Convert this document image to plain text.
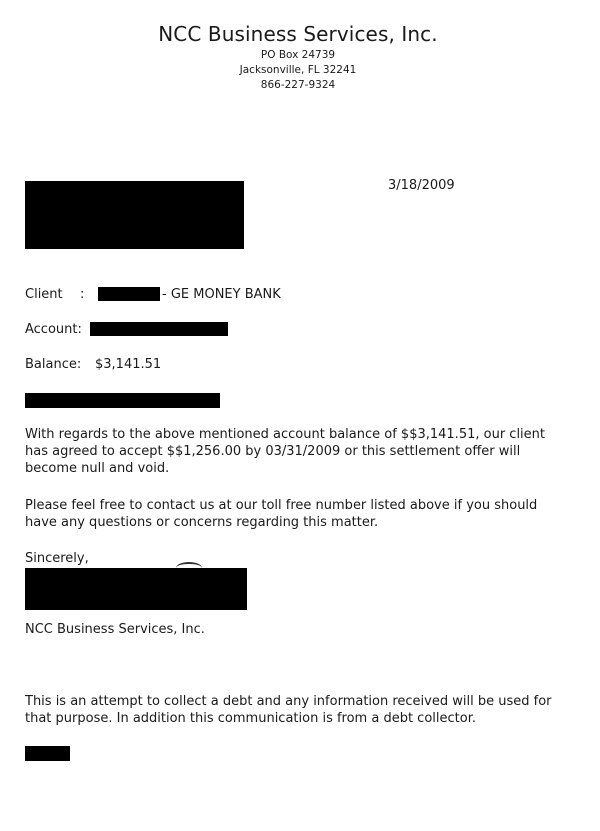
NCC Business Services, Inc.
PO Box 24739
Jacksonville, FL 32241
866-227-9324
3/18/2009
Client :	- GE MONEY BANK
Account:
Balance: $3,141.51

With regards to the above mentioned account balance of $$3,141.51, our client has agreed to accept $$1,256.00 by 03/31/2009 or this settlement offer will become null and void.

Please feel free to contact us at our toll free number listed above if you should have any questions or concerns regarding this matter.

Sincerely,
NCC Business Services, Inc.

This is an attempt to collect a debt and any information received will be used for that purpose. In addition this communication is from a debt collector.
